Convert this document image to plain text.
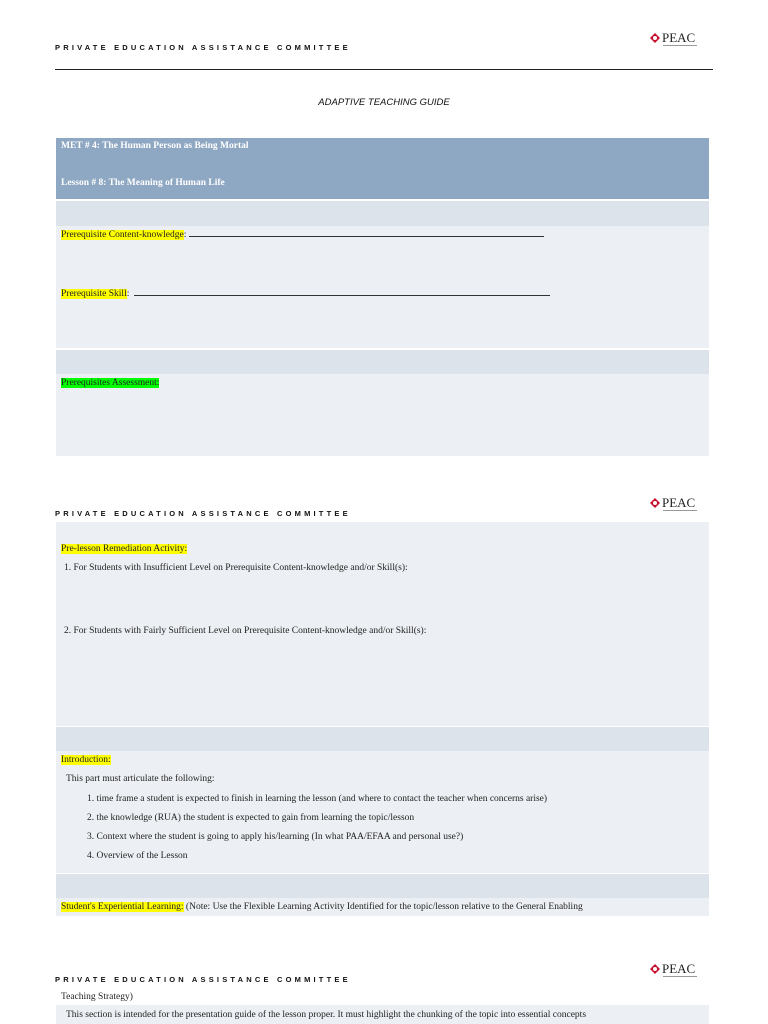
PRIVATE EDUCATION ASSISTANCE COMMITTEE
PEAC
ADAPTIVE TEACHING GUIDE
MET # 4: The Human Person as Being Mortal
Lesson # 8: The Meaning of Human Life
Prerequisite Content-knowledge:
Prerequisite Skill:
Prerequisites Assessment:
PRIVATE EDUCATION ASSISTANCE COMMITTEE
PEAC
Pre-lesson Remediation Activity:
1. For Students with Insufficient Level on Prerequisite Content-knowledge and/or Skill(s):
2. For Students with Fairly Sufficient Level on Prerequisite Content-knowledge and/or Skill(s):
Introduction:
This part must articulate the following:
1. time frame a student is expected to finish in learning the lesson (and where to contact the teacher when concerns arise)
2. the knowledge (RUA) the student is expected to gain from learning the topic/lesson
3. Context where the student is going to apply his/learning (In what PAA/EFAA and personal use?)
4. Overview of the Lesson
Student's Experiential Learning: (Note: Use the Flexible Learning Activity Identified for the topic/lesson relative to the General Enabling
PRIVATE EDUCATION ASSISTANCE COMMITTEE
PEAC
Teaching Strategy)
This section is intended for the presentation guide of the lesson proper. It must highlight the chunking of the topic into essential concepts
